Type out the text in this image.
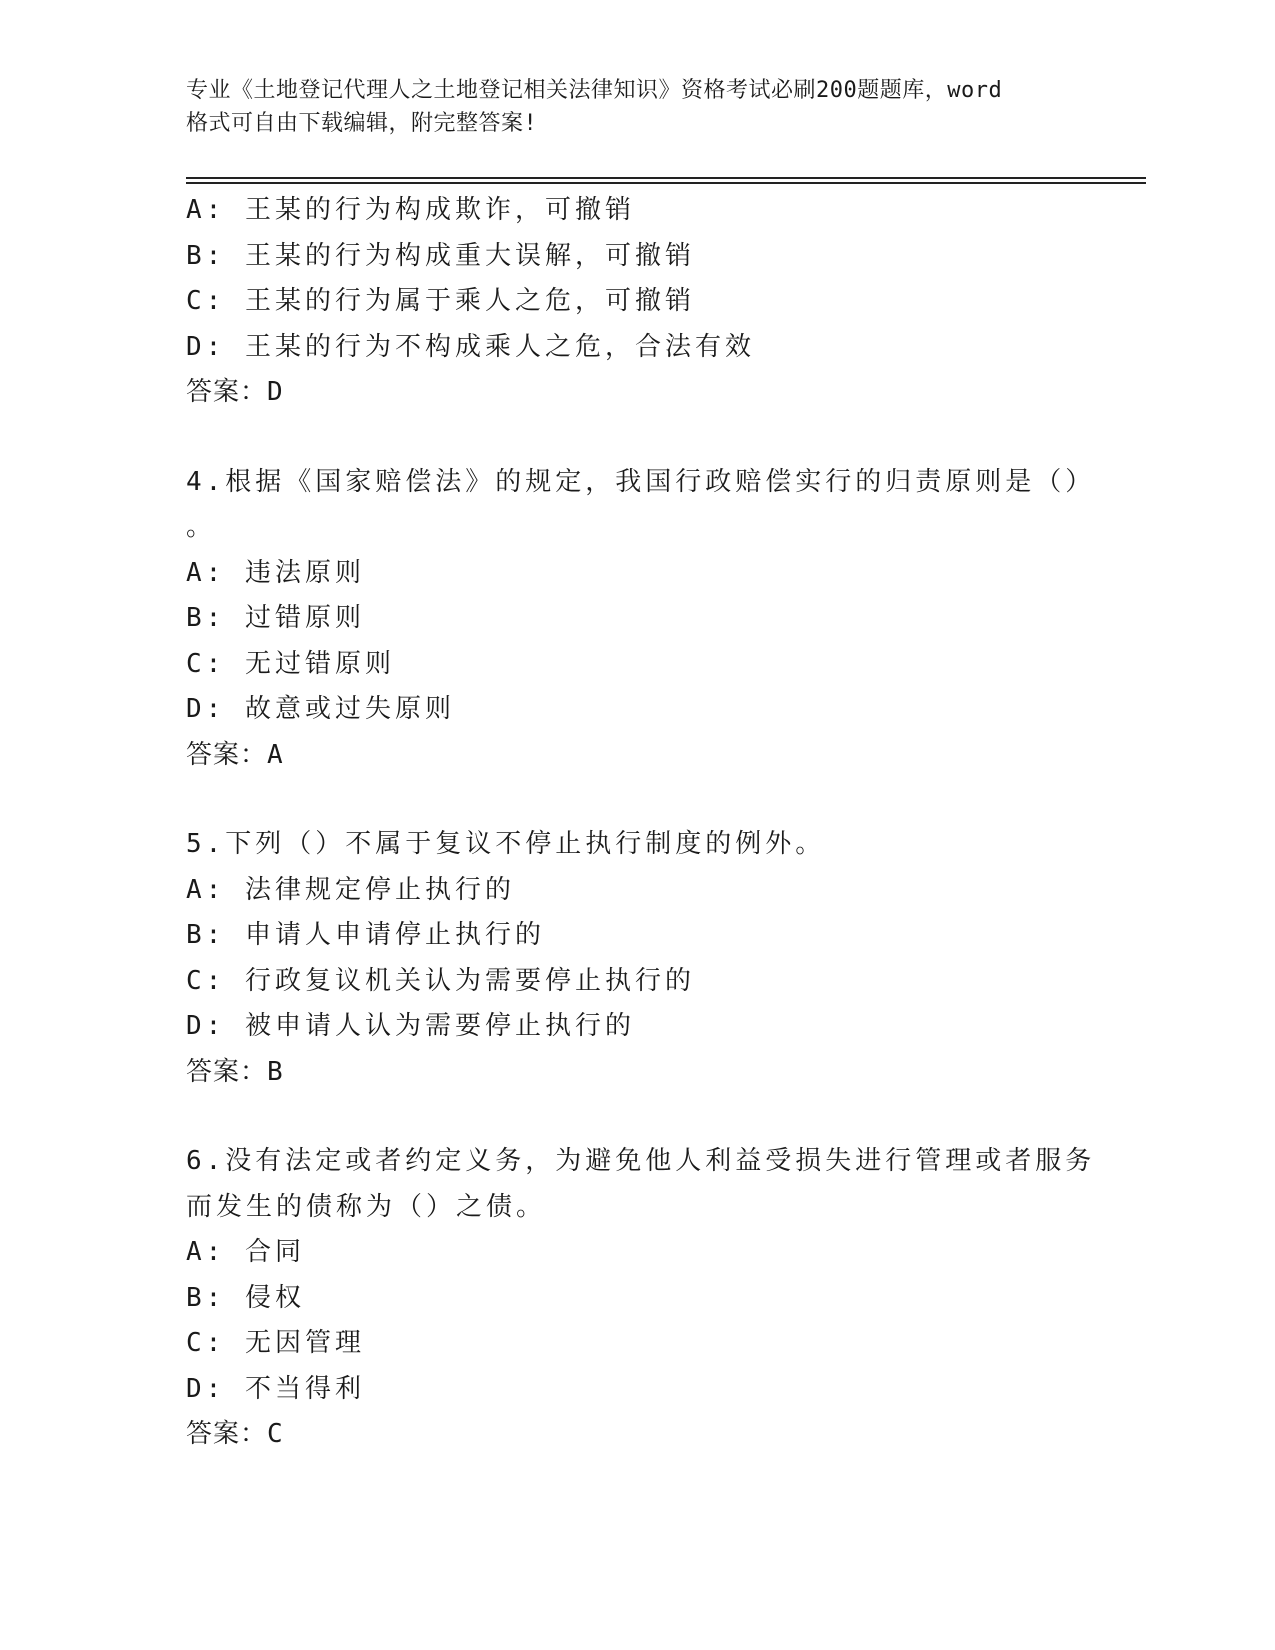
专业《土地登记代理人之土地登记相关法律知识》资格考试必刷200题题库，word
格式可自由下载编辑，附完整答案!
A: 王某的行为构成欺诈，可撤销
B: 王某的行为构成重大误解，可撤销
C: 王某的行为属于乘人之危，可撤销
D: 王某的行为不构成乘人之危，合法有效
答案：D
4.根据《国家赔偿法》的规定，我国行政赔偿实行的归责原则是（）
。
A: 违法原则
B: 过错原则
C: 无过错原则
D: 故意或过失原则
答案：A
5.下列（）不属于复议不停止执行制度的例外。
A: 法律规定停止执行的
B: 申请人申请停止执行的
C: 行政复议机关认为需要停止执行的
D: 被申请人认为需要停止执行的
答案：B
6.没有法定或者约定义务，为避免他人利益受损失进行管理或者服务
而发生的债称为（）之债。
A: 合同
B: 侵权
C: 无因管理
D: 不当得利
答案：C
